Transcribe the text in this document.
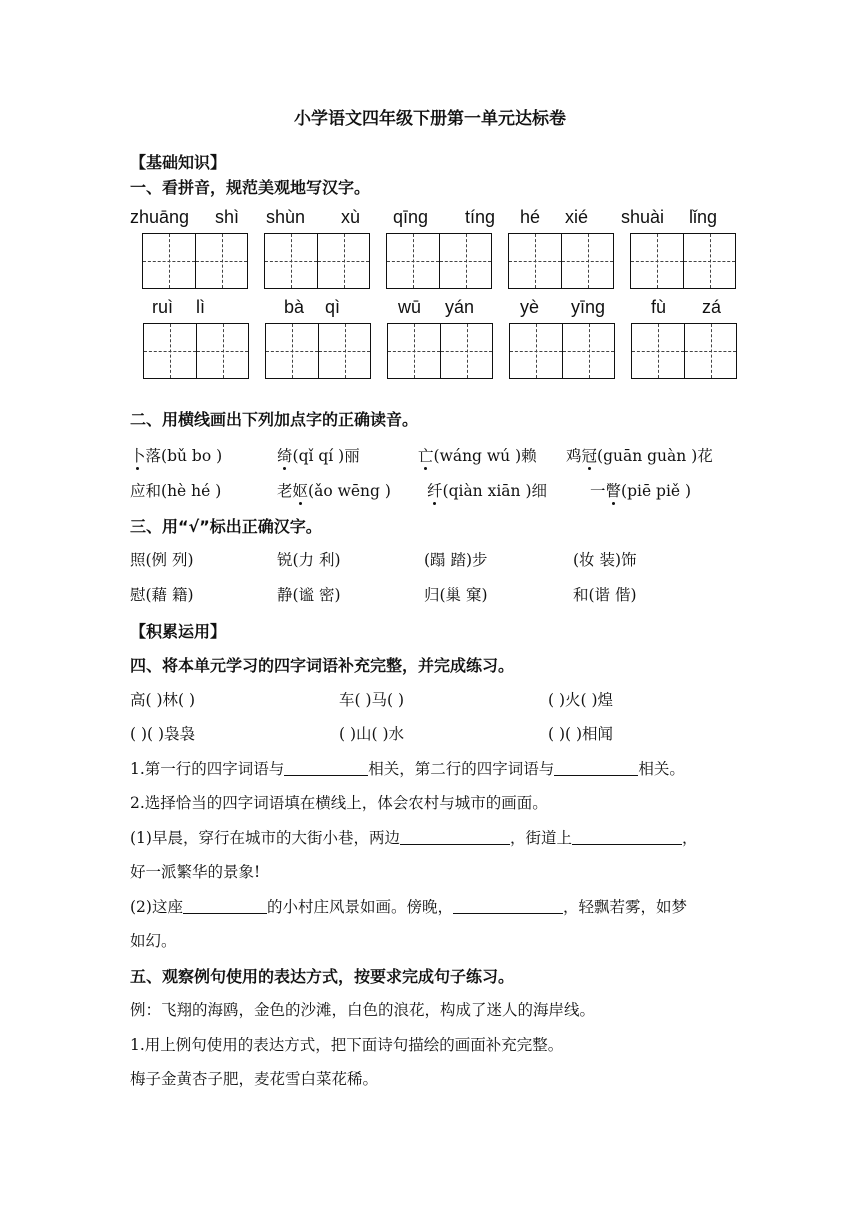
小学语文四年级下册第一单元达标卷
【基础知识】
一、看拼音，规范美观地写汉字。
zhuāng shì shùn xù qīng tíng hé xié shuài lǐng
ruì lì	bà qì	wū yán	yè yīng	fù zá
二、用横线画出下列加点字的正确读音。
卜落(bǔ bo )	绮(qǐ qí )丽	亡(wáng wú )赖 鸡冠(guān guàn )花
应和(hè hé )	老妪(ǎo wēng ) 纤(qiàn xiān )细	一瞥(piē piě )
三、用“√”标出正确汉字。
照(例 列)	锐(力 利)	(蹋 踏)步	(妆 装)饰
慰(藉 籍)	静(谧 密)	归(巢 窠)	和(谐 偕)
【积累运用】
四、将本单元学习的四字词语补充完整，并完成练习。
高( )林( )	车( )马( )	( )火( )煌
( )( )袅袅	( )山( )水	( )( )相闻
1.第一行的四字词语与	相关，第二行的四字词语与	相关。
2.选择恰当的四字词语填在横线上，体会农村与城市的画面。
(1)早晨，穿行在城市的大街小巷，两边	，街道上	，
好一派繁华的景象!
(2)这座	的小村庄风景如画。傍晚，	，轻飘若雾，如梦
如幻。
五、观察例句使用的表达方式，按要求完成句子练习。
例：飞翔的海鸥，金色的沙滩，白色的浪花，构成了迷人的海岸线。
1.用上例句使用的表达方式，把下面诗句描绘的画面补充完整。
梅子金黄杏子肥，麦花雪白菜花稀。
